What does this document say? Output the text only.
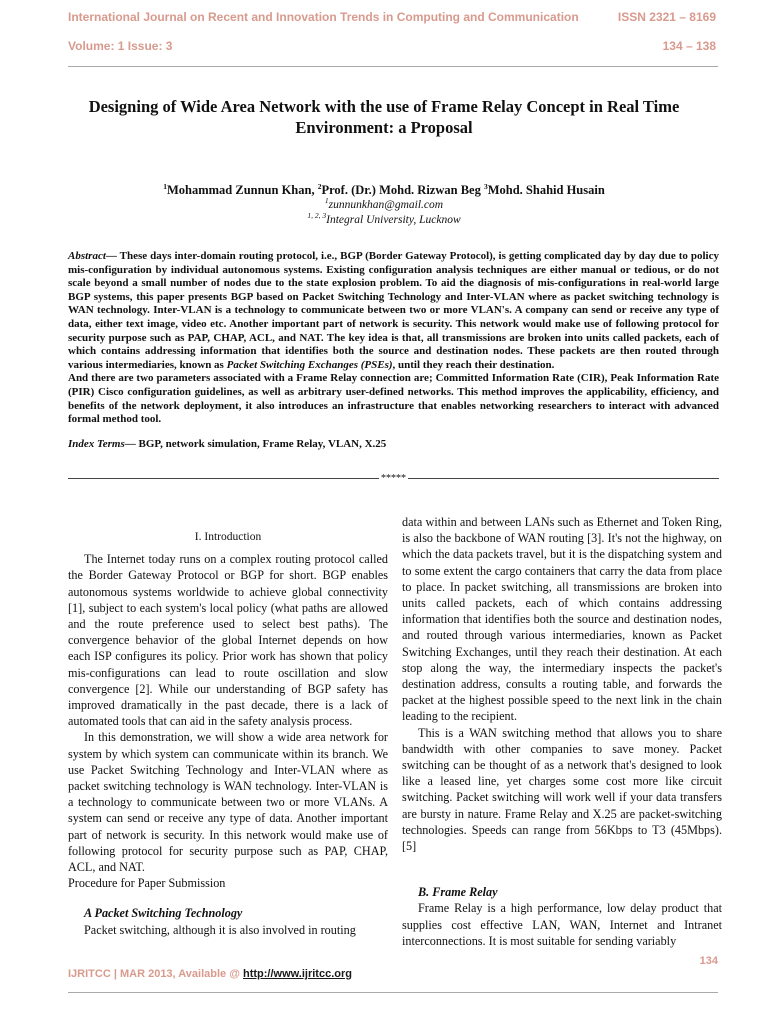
International Journal on Recent and Innovation Trends in Computing and Communication	ISSN 2321 – 8169
Volume: 1 Issue: 3	134 – 138
Designing of Wide Area Network with the use of Frame Relay Concept in Real Time Environment: a Proposal
$^1$Mohammad Zunnun Khan, $^2$Prof. (Dr.) Mohd. Rizwan Beg $^3$Mohd. Shahid Husain
$^1$zunnunkhan@gmail.com
$^{1, 2, 3}$Integral University, Lucknow

Abstract— These days inter-domain routing protocol, i.e., BGP (Border Gateway Protocol), is getting complicated day by day due to policy mis-configuration by individual autonomous systems. Existing configuration analysis techniques are either manual or tedious, or do not scale beyond a small number of nodes due to the state explosion problem. To aid the diagnosis of mis-configurations in real-world large BGP systems, this paper presents BGP based on Packet Switching Technology and Inter-VLAN where as packet switching technology is WAN technology. Inter-VLAN is a technology to communicate between two or more VLAN's. A company can send or receive any type of data, either text image, video etc. Another important part of network is security. This network would make use of following protocol for security purpose such as PAP, CHAP, ACL, and NAT. The key idea is that, all transmissions are broken into units called packets, each of which contains addressing information that identifies both the source and destination nodes. These packets are then routed through various intermediaries, known as Packet Switching Exchanges (PSEs), until they reach their destination.

And there are two parameters associated with a Frame Relay connection are; Committed Information Rate (CIR), Peak Information Rate (PIR) Cisco configuration guidelines, as well as arbitrary user-defined networks. This method improves the applicability, efficiency, and benefits of the network deployment, it also introduces an infrastructure that enables networking researchers to interact with advanced formal method tool.

Index Terms— BGP, network simulation, Frame Relay, VLAN, X.25

*****

I. Introduction

The Internet today runs on a complex routing protocol called the Border Gateway Protocol or BGP for short. BGP enables autonomous systems worldwide to achieve global connectivity [1], subject to each system's local policy (what paths are allowed and the route preference used to select best paths). The convergence behavior of the global Internet depends on how each ISP configures its policy. Prior work has shown that policy mis-configurations can lead to route oscillation and slow convergence [2]. While our understanding of BGP safety has improved dramatically in the past decade, there is a lack of automated tools that can aid in the safety analysis process.

In this demonstration, we will show a wide area network for system by which system can communicate within its branch. We use Packet Switching Technology and Inter-VLAN where as packet switching technology is WAN technology. Inter-VLAN is a technology to communicate between two or more VLANs. A system can send or receive any type of data. Another important part of network is security. In this network would make use of following protocol for security purpose such as PAP, CHAP, ACL, and NAT.

Procedure for Paper Submission

A Packet Switching Technology

Packet switching, although it is also involved in routing

data within and between LANs such as Ethernet and Token Ring, is also the backbone of WAN routing [3]. It's not the highway, on which the data packets travel, but it is the dispatching system and to some extent the cargo containers that carry the data from place to place. In packet switching, all transmissions are broken into units called packets, each of which contains addressing information that identifies both the source and destination nodes, and routed through various intermediaries, known as Packet Switching Exchanges, until they reach their destination. At each stop along the way, the intermediary inspects the packet's destination address, consults a routing table, and forwards the packet at the highest possible speed to the next link in the chain leading to the recipient.

This is a WAN switching method that allows you to share bandwidth with other companies to save money. Packet switching can be thought of as a network that's designed to look like a leased line, yet charges some cost more like circuit switching. Packet switching will work well if your data transfers are bursty in nature. Frame Relay and X.25 are packet-switching technologies. Speeds can range from 56Kbps to T3 (45Mbps). [5]

B. Frame Relay

Frame Relay is a high performance, low delay product that supplies cost effective LAN, WAN, Internet and Intranet interconnections. It is most suitable for sending variably

134
IJRITCC | MAR 2013, Available @ http://www.ijritcc.org
